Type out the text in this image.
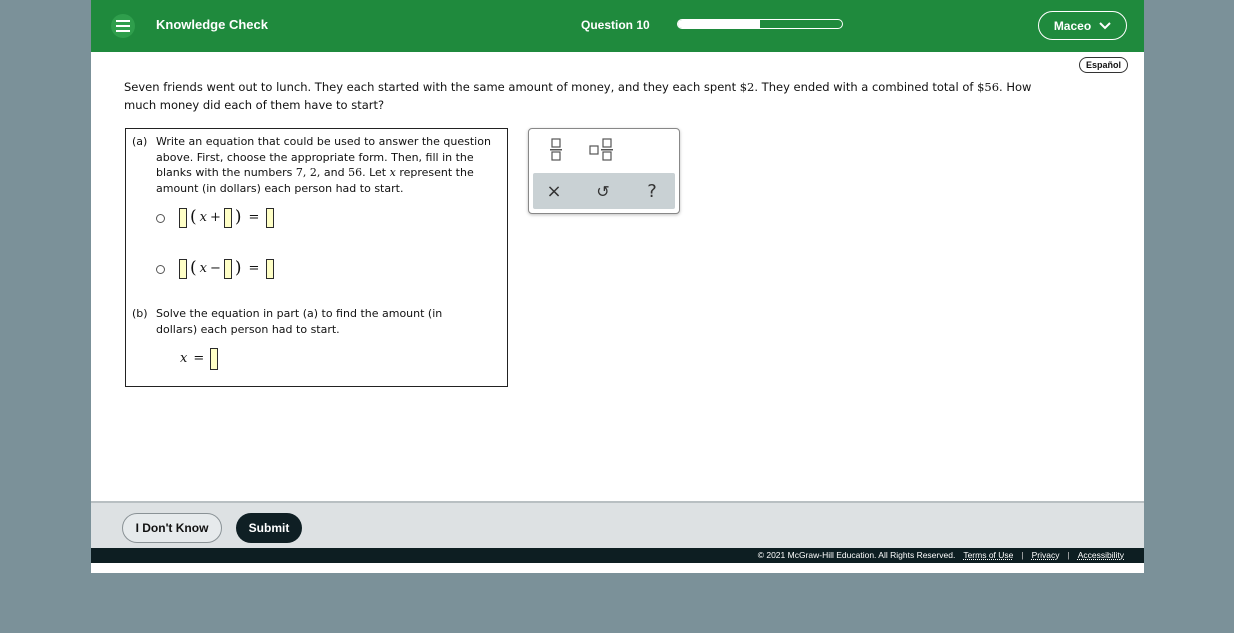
Knowledge Check	Question 10	Maceo
Español
Seven friends went out to lunch. They each started with the same amount of money, and they each spent $2. They ended with a combined total of $56. How much money did each of them have to start?
(a) Write an equation that could be used to answer the question above. First, choose the appropriate form. Then, fill in the blanks with the numbers 7, 2, and 56. Let x represent the amount (in dollars) each person had to start.
( x + ) =
( x − ) =
(b) Solve the equation in part (a) to find the amount (in dollars) each person had to start.
x =
×	↺	?
I Don't Know	Submit
© 2021 McGraw-Hill Education. All Rights Reserved. Terms of Use | Privacy | Accessibility
